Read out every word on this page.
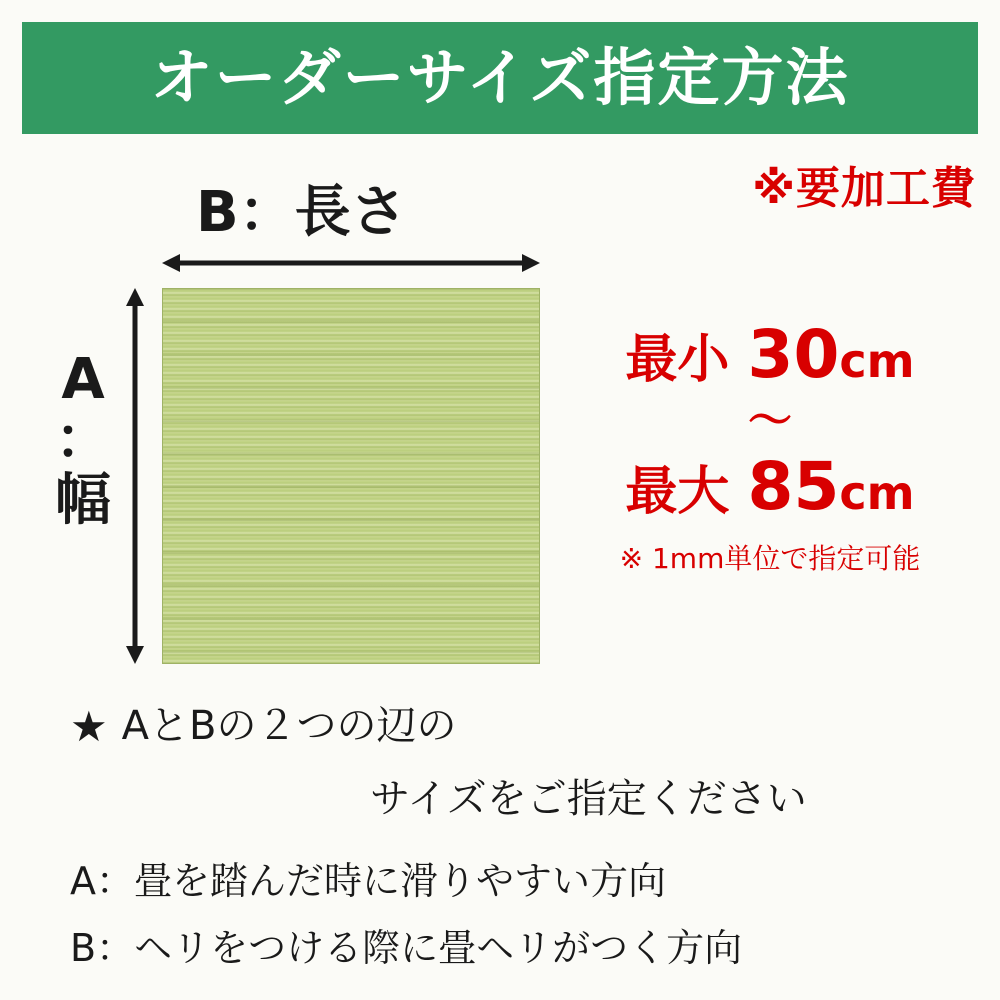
オーダーサイズ指定方法
※要加工費
B：長さ
A
：
幅
最小 30cm
〜
最大 85cm
※ 1mm単位で指定可能
★ AとBの２つの辺の
サイズをご指定ください
A：畳を踏んだ時に滑りやすい方向
B：ヘリをつける際に畳ヘリがつく方向
